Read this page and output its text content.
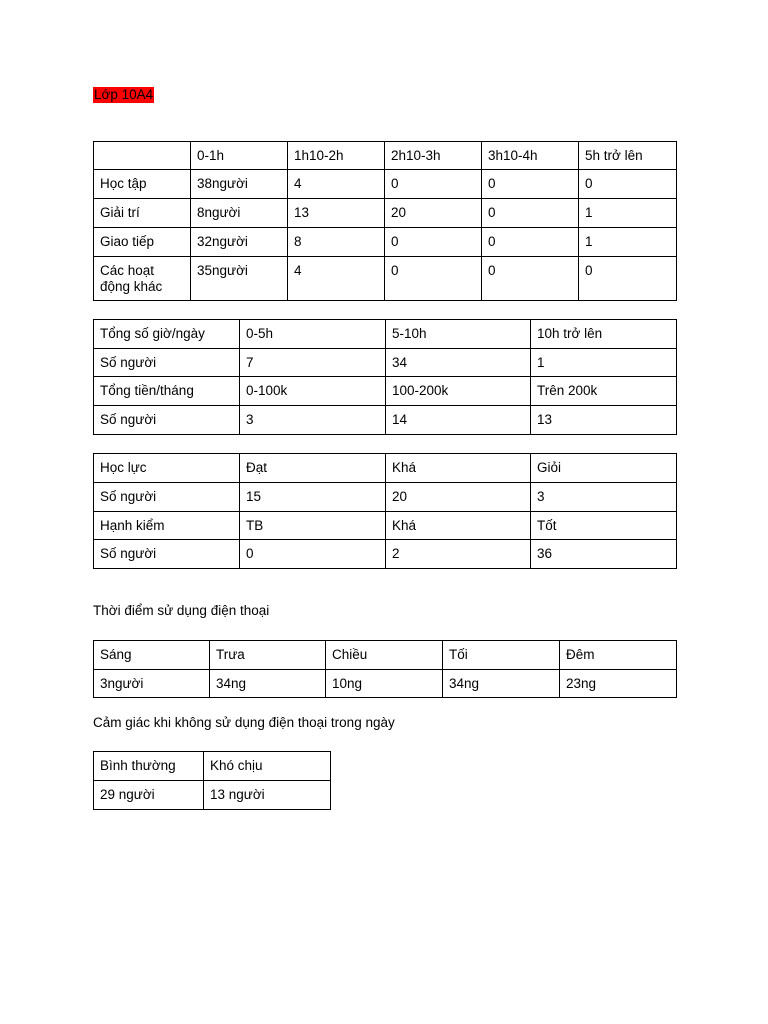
Lớp 10A4
	0-1h	1h10-2h	2h10-3h	3h10-4h	5h trở lên
Học tập	38người	4	0	0	0
Giải trí	8người	13	20	0	1
Giao tiếp	32người	8	0	0	1
Các hoạt động khác	35người	4	0	0	0
Tổng số giờ/ngày	0-5h	5-10h	10h trở lên
Số người	7	34	1
Tổng tiền/tháng	0-100k	100-200k	Trên 200k
Số người	3	14	13
Học lực	Đạt	Khá	Giỏi
Số người	15	20	3
Hạnh kiểm	TB	Khá	Tốt
Số người	0	2	36
Thời điểm sử dụng điện thoại
Sáng	Trưa	Chiều	Tối	Đêm
3người	34ng	10ng	34ng	23ng
Cảm giác khi không sử dụng điện thoại trong ngày
Bình thường	Khó chịu
29 người	13 người
